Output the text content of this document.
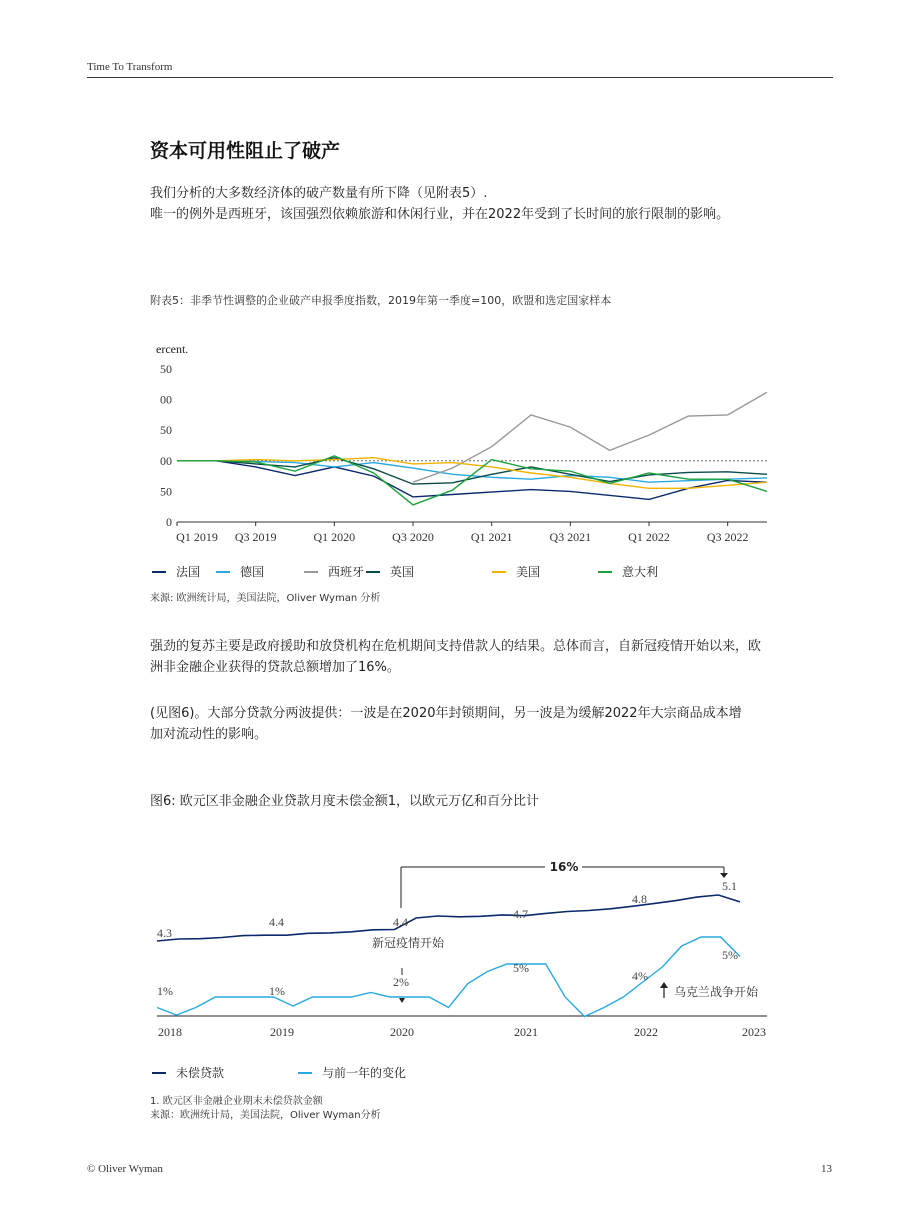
Time To Transform
资本可用性阻止了破产
我们分析的大多数经济体的破产数量有所下降（见附表5）.
唯一的例外是西班牙，该国强烈依赖旅游和休闲行业，并在2022年受到了长时间的旅行限制的影响。
附表5：非季节性调整的企业破产申报季度指数，2019年第一季度=100，欧盟和选定国家样本
ercent.
50
00
50
00
50
0
Q1 2019 Q3 2019	Q1 2020	Q3 2020	Q1 2021	Q3 2021	Q1 2022	Q3 2022
法国	德国	西班牙 英国	美国	意大利
来源: 欧洲统计局，美国法院，Oliver Wyman 分析
强劲的复苏主要是政府援助和放贷机构在危机期间支持借款人的结果。总体而言，自新冠疫情开始以来，欧洲非金融企业获得的贷款总额增加了16%。
(见图6)。大部分贷款分两波提供：一波是在2020年封锁期间，另一波是为缓解2022年大宗商品成本增加对流动性的影响。
图6: 欧元区非金融企业贷款月度未偿金额1，以欧元万亿和百分比计
4.3
4.4	4.4
4.7
4.8
5.1
1%	1%
2%
5%
4%
5%
16%
新冠疫情开始
乌克兰战争开始
2018	2019	2020	2021	2022	2023
未偿贷款	与前一年的变化
1. 欧元区非金融企业期末未偿贷款金额
来源：欧洲统计局，美国法院，Oliver Wyman分析
© Oliver Wyman	13
